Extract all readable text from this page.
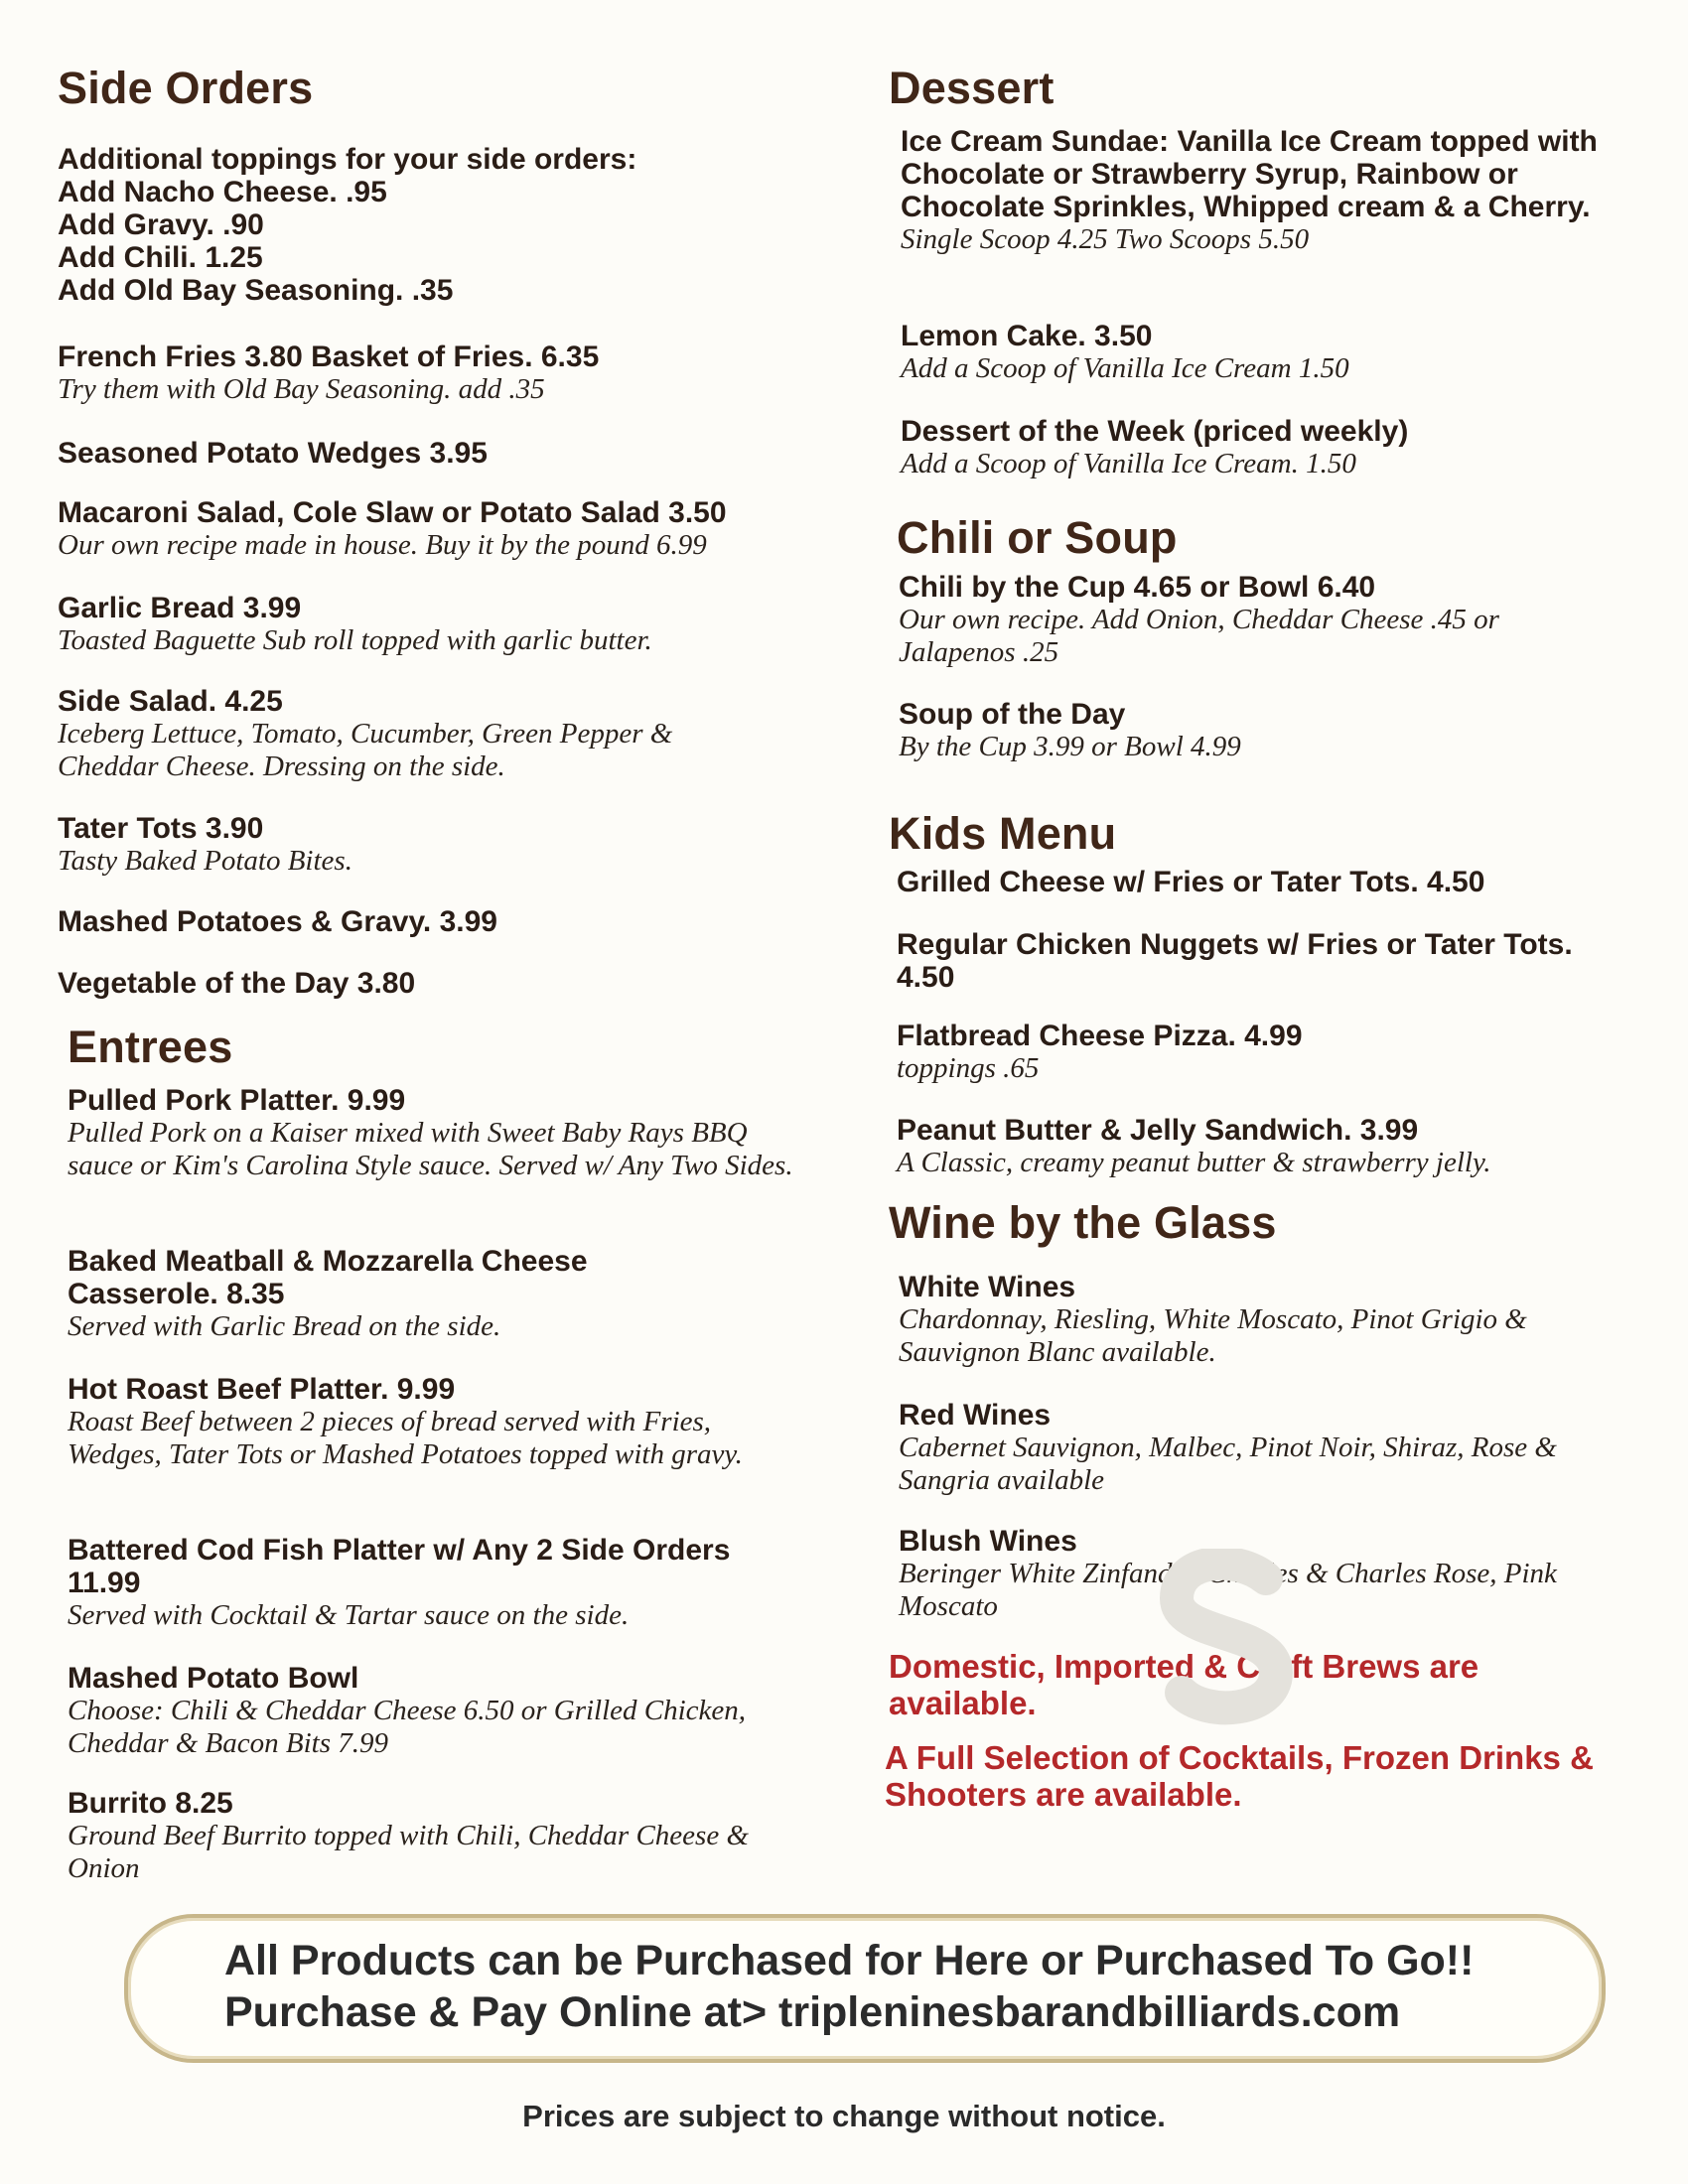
Side Orders
Additional toppings for your side orders:
Add Nacho Cheese. .95
Add Gravy. .90
Add Chili. 1.25
Add Old Bay Seasoning. .35
French Fries 3.80 Basket of Fries. 6.35
Try them with Old Bay Seasoning. add .35
Seasoned Potato Wedges 3.95
Macaroni Salad, Cole Slaw or Potato Salad 3.50
Our own recipe made in house. Buy it by the pound 6.99
Garlic Bread 3.99
Toasted Baguette Sub roll topped with garlic butter.
Side Salad. 4.25
Iceberg Lettuce, Tomato, Cucumber, Green Pepper & Cheddar Cheese. Dressing on the side.
Tater Tots 3.90
Tasty Baked Potato Bites.
Mashed Potatoes & Gravy. 3.99
Vegetable of the Day 3.80
Entrees
Pulled Pork Platter. 9.99
Pulled Pork on a Kaiser mixed with Sweet Baby Rays BBQ sauce or Kim's Carolina Style sauce. Served w/ Any Two Sides.
Baked Meatball & Mozzarella Cheese Casserole. 8.35
Served with Garlic Bread on the side.
Hot Roast Beef Platter. 9.99
Roast Beef between 2 pieces of bread served with Fries, Wedges, Tater Tots or Mashed Potatoes topped with gravy.
Battered Cod Fish Platter w/ Any 2 Side Orders 11.99
Served with Cocktail & Tartar sauce on the side.
Mashed Potato Bowl
Choose: Chili & Cheddar Cheese 6.50 or Grilled Chicken, Cheddar & Bacon Bits 7.99
Burrito 8.25
Ground Beef Burrito topped with Chili, Cheddar Cheese & Onion
Dessert
Ice Cream Sundae: Vanilla Ice Cream topped with Chocolate or Strawberry Syrup, Rainbow or Chocolate Sprinkles, Whipped cream & a Cherry.
Single Scoop 4.25 Two Scoops 5.50
Lemon Cake. 3.50
Add a Scoop of Vanilla Ice Cream 1.50
Dessert of the Week (priced weekly)
Add a Scoop of Vanilla Ice Cream. 1.50
Chili or Soup
Chili by the Cup 4.65 or Bowl 6.40
Our own recipe. Add Onion, Cheddar Cheese .45 or Jalapenos .25
Soup of the Day
By the Cup 3.99 or Bowl 4.99
Kids Menu
Grilled Cheese w/ Fries or Tater Tots. 4.50
Regular Chicken Nuggets w/ Fries or Tater Tots. 4.50
Flatbread Cheese Pizza. 4.99
toppings .65
Peanut Butter & Jelly Sandwich. 3.99
A Classic, creamy peanut butter & strawberry jelly.
Wine by the Glass
White Wines
Chardonnay, Riesling, White Moscato, Pinot Grigio & Sauvignon Blanc available.
Red Wines
Cabernet Sauvignon, Malbec, Pinot Noir, Shiraz, Rose & Sangria available
Blush Wines
Beringer White Zinfandel, Charles & Charles Rose, Pink Moscato
Domestic, Imported & Craft Brews are available.
A Full Selection of Cocktails, Frozen Drinks & Shooters are available.
All Products can be Purchased for Here or Purchased To Go!!
Purchase & Pay Online at> tripleninesbarandbilliards.com
Prices are subject to change without notice.
